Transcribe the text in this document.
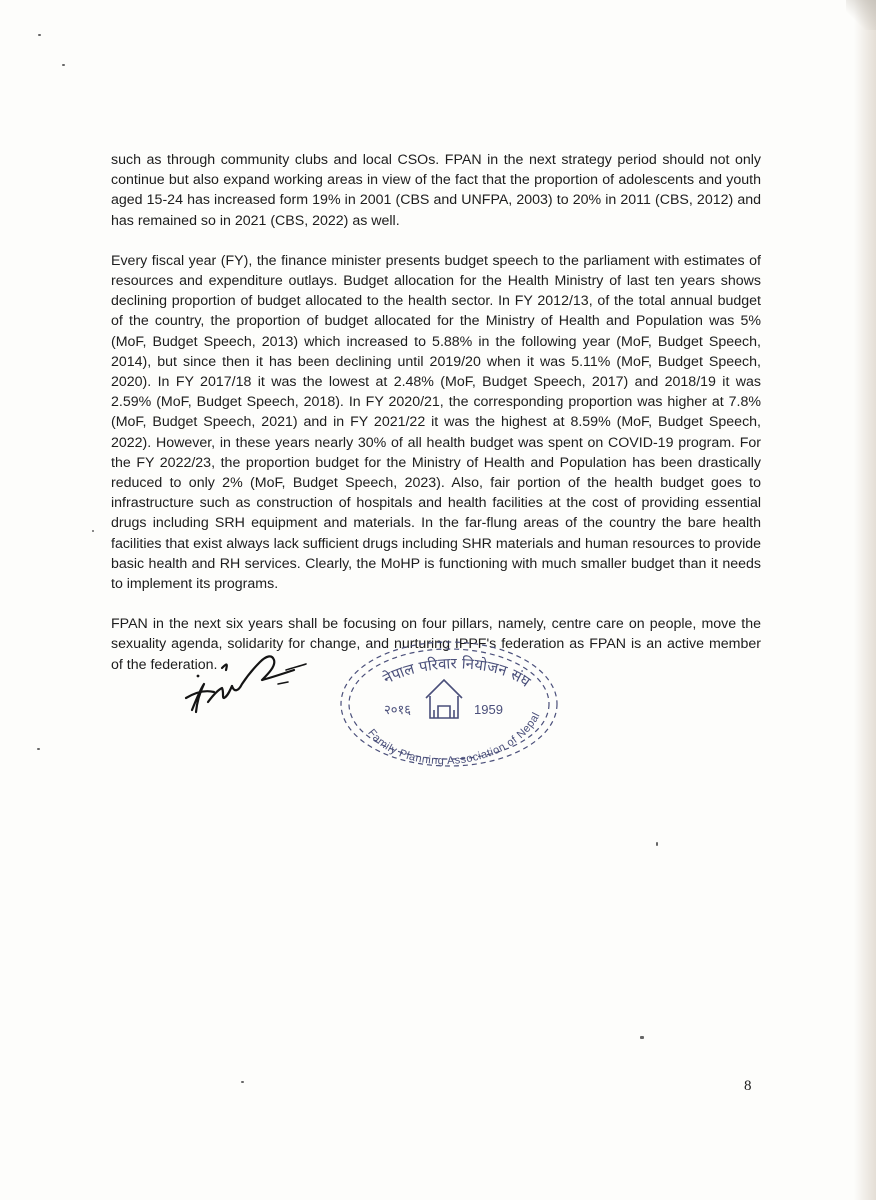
such as through community clubs and local CSOs. FPAN in the next strategy period should not only continue but also expand working areas in view of the fact that the proportion of adolescents and youth aged 15-24 has increased form 19% in 2001 (CBS and UNFPA, 2003) to 20% in 2011 (CBS, 2012) and has remained so in 2021 (CBS, 2022) as well.

Every fiscal year (FY), the finance minister presents budget speech to the parliament with estimates of resources and expenditure outlays. Budget allocation for the Health Ministry of last ten years shows declining proportion of budget allocated to the health sector. In FY 2012/13, of the total annual budget of the country, the proportion of budget allocated for the Ministry of Health and Population was 5% (MoF, Budget Speech, 2013) which increased to 5.88% in the following year (MoF, Budget Speech, 2014), but since then it has been declining until 2019/20 when it was 5.11% (MoF, Budget Speech, 2020). In FY 2017/18 it was the lowest at 2.48% (MoF, Budget Speech, 2017) and 2018/19 it was 2.59% (MoF, Budget Speech, 2018). In FY 2020/21, the corresponding proportion was higher at 7.8% (MoF, Budget Speech, 2021) and in FY 2021/22 it was the highest at 8.59% (MoF, Budget Speech, 2022). However, in these years nearly 30% of all health budget was spent on COVID-19 program. For the FY 2022/23, the proportion budget for the Ministry of Health and Population has been drastically reduced to only 2% (MoF, Budget Speech, 2023). Also, fair portion of the health budget goes to infrastructure such as construction of hospitals and health facilities at the cost of providing essential drugs including SRH equipment and materials. In the far-flung areas of the country the bare health facilities that exist always lack sufficient drugs including SHR materials and human resources to provide basic health and RH services. Clearly, the MoHP is functioning with much smaller budget than it needs to implement its programs.

FPAN in the next six years shall be focusing on four pillars, namely, centre care on people, move the sexuality agenda, solidarity for change, and nurturing IPPF's federation as FPAN is an active member of the federation.

नेपाल परिवार नियोजन संघ
Family Planning Association of Nepal
२०१६	1959
8
